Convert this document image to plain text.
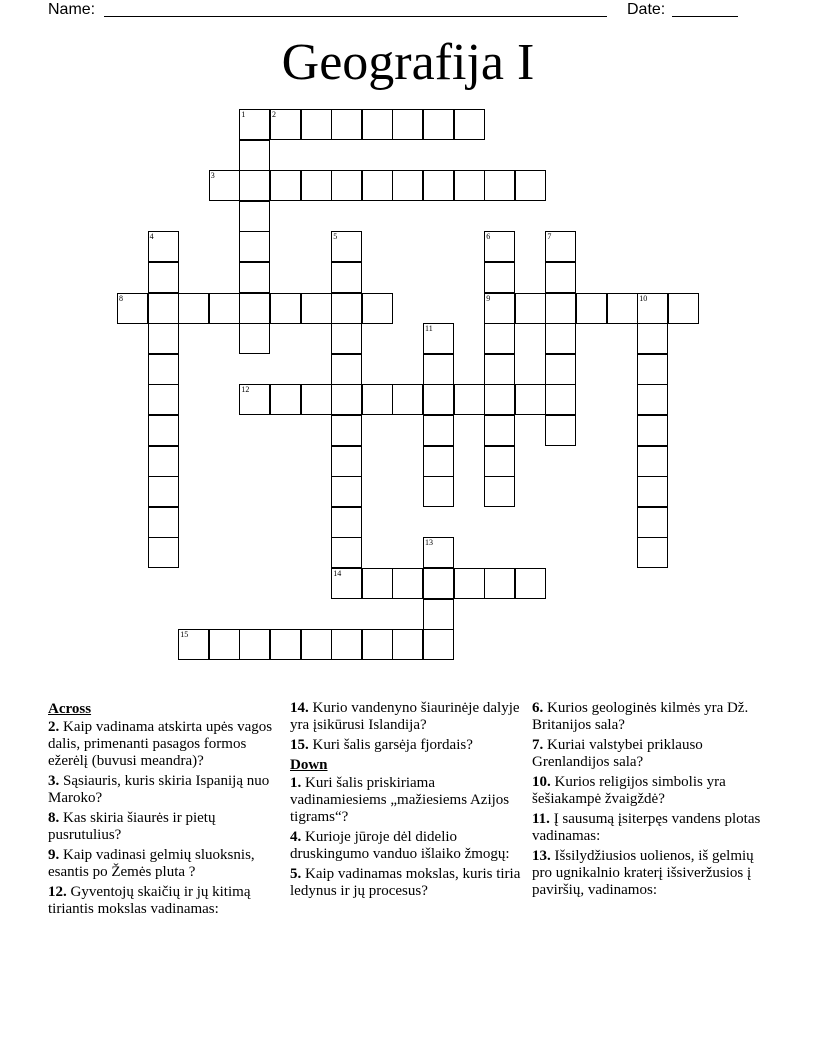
Name:	Date:
Geografija I
2
3
8	9	10
12
14
15
1
4	5	6	7
11
13
Across
2. Kaip vadinama atskirta upės vagos dalis, primenanti pasagos formos ežerėlį (buvusi meandra)?
3. Sąsiauris, kuris skiria Ispaniją nuo Maroko?
8. Kas skiria šiaurės ir pietų pusrutulius?
9. Kaip vadinasi gelmių sluoksnis, esantis po Žemės pluta ?
12. Gyventojų skaičių ir jų kitimą tiriantis mokslas vadinamas:
14. Kurio vandenyno šiaurinėje dalyje yra įsikūrusi Islandija?
15. Kuri šalis garsėja fjordais?
Down
1. Kuri šalis priskiriama vadinamiesiems „mažiesiems Azijos tigrams“?
4. Kurioje jūroje dėl didelio druskingumo vanduo išlaiko žmogų:
5. Kaip vadinamas mokslas, kuris tiria ledynus ir jų procesus?
6. Kurios geologinės kilmės yra Dž. Britanijos sala?
7. Kuriai valstybei priklauso Grenlandijos sala?
10. Kurios religijos simbolis yra šešiakampė žvaigždė?
11. Į sausumą įsiterpęs vandens plotas vadinamas:
13. Išsilydžiusios uolienos, iš gelmių pro ugnikalnio kraterį išsiveržusios į paviršių, vadinamos:
